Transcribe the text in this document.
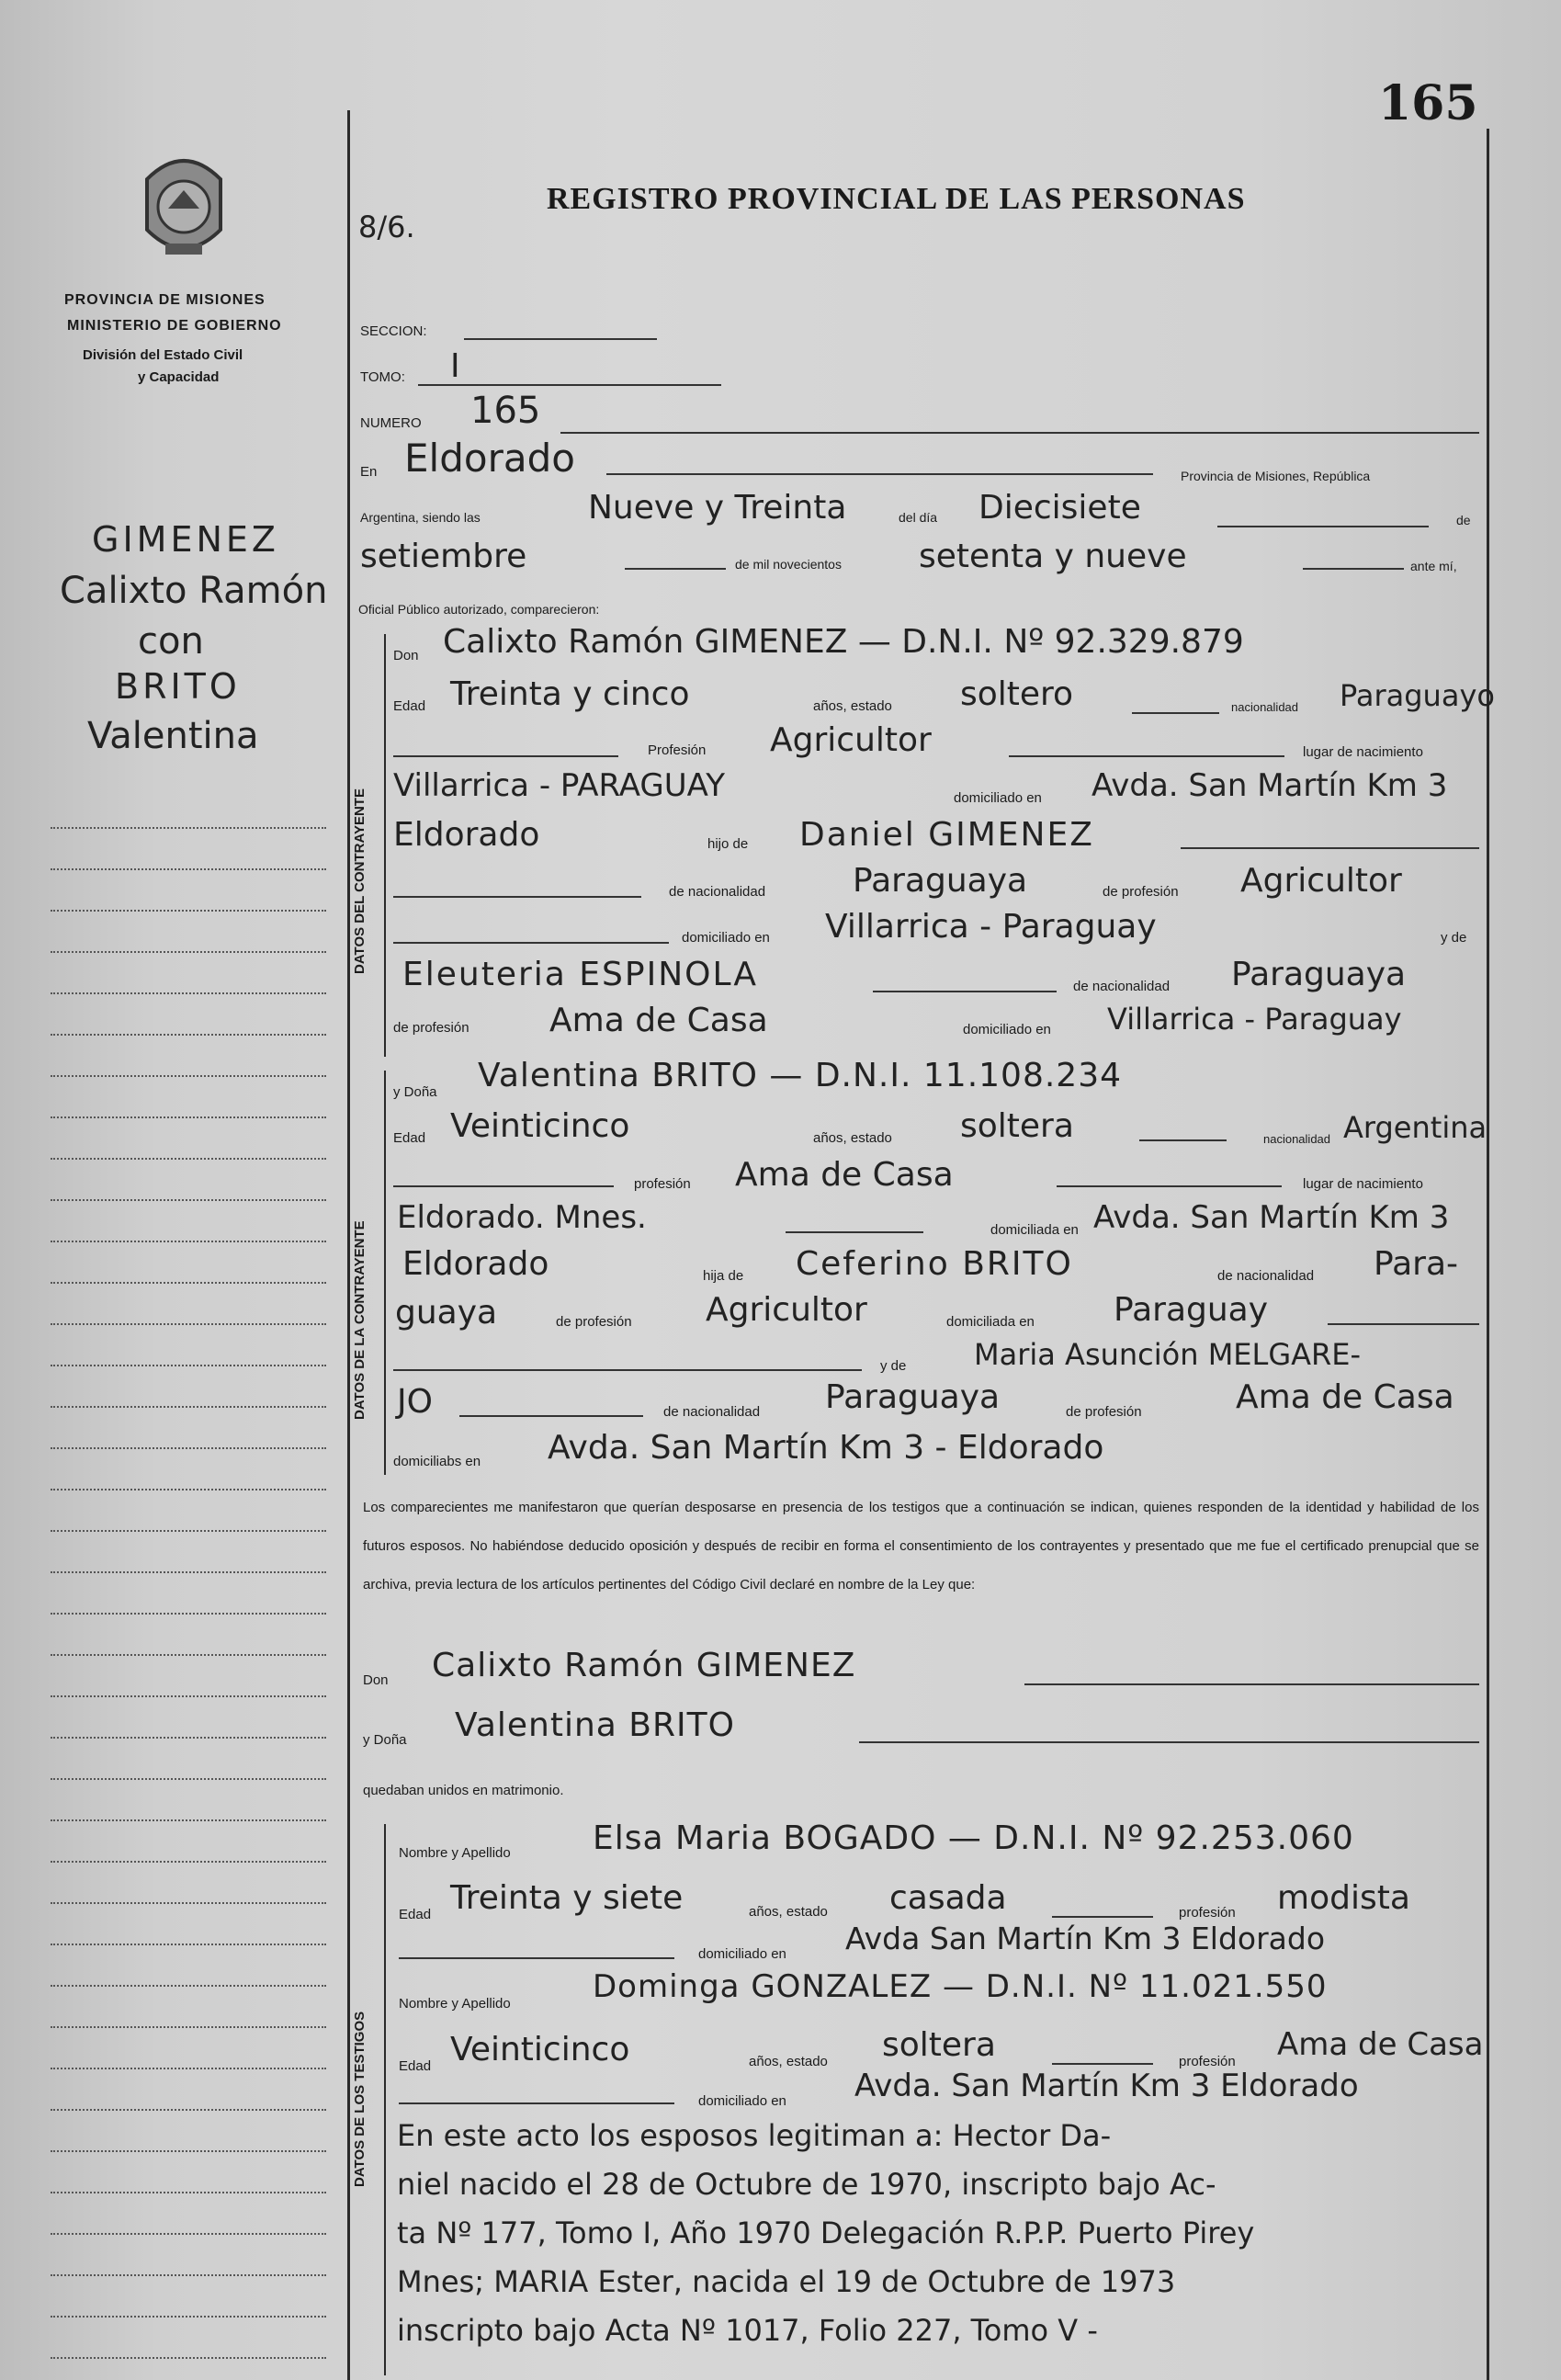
165
PROVINCIA DE MISIONES
MINISTERIO DE GOBIERNO
División del Estado Civil
y Capacidad
REGISTRO PROVINCIAL DE LAS PERSONAS
8/6.
GIMENEZ
Calixto Ramón
con
BRITO
Valentina
SECCION:
TOMO: I
NUMERO 165
En Eldorado	Provincia de Misiones, República
Argentina, siendo las	Nueve y Treinta	del día Diecisiete	de
setiembre	de mil novecientos setenta y nueve	ante mí,
Oficial Público autorizado, comparecieron:
DATOS DEL CONTRAYENTE
Don Calixto Ramón GIMENEZ — D.N.I. Nº 92.329.879
Edad Treinta y cinco	años, estado soltero	nacionalidad Paraguayo
Profesión Agricultor	lugar de nacimiento
Villarrica - PARAGUAY	domiciliado en Avda. San Martín Km 3
Eldorado	hijo de Daniel GIMENEZ
de nacionalidad	Paraguaya	de profesión Agricultor
domiciliado en Villarrica - Paraguay	y de
Eleuteria ESPINOLA	de nacionalidad Paraguaya
de profesión Ama de Casa	domiciliado en Villarrica - Paraguay
DATOS DE LA CONTRAYENTE
y Doña Valentina BRITO — D.N.I. 11.108.234
Edad Veinticinco	años, estado soltera	nacionalidad Argentina
profesión Ama de Casa	lugar de nacimiento
Eldorado. Mnes.	domiciliada en Avda. San Martín Km 3
Eldorado	hija de Ceferino BRITO	de nacionalidad Para-
guaya	de profesión Agricultor	domiciliada en Paraguay
y de Maria Asunción MELGARE-
JO	de nacionalidad Paraguaya	de profesión	Ama de Casa
domiciliabs en Avda. San Martín Km 3 - Eldorado
Los comparecientes me manifestaron que querían desposarse en presencia de los testigos que a continuación se indican, quienes responden de la identidad y habilidad de los futuros esposos. No habiéndose deducido oposición y después de recibir en forma el consentimiento de los contrayentes y presentado que me fue el certificado prenupcial que se archiva, previa lectura de los artículos pertinentes del Código Civil declaré en nombre de la Ley que:
Don Calixto Ramón GIMENEZ
y Doña Valentina BRITO
quedaban unidos en matrimonio.
DATOS DE LOS TESTIGOS
Nombre y Apellido Elsa Maria BOGADO — D.N.I. Nº 92.253.060
Edad Treinta y siete	años, estado casada	profesión modista
domiciliado en Avda San Martín Km 3 Eldorado
Nombre y Apellido	Dominga GONZALEZ — D.N.I. Nº 11.021.550
Edad Veinticinco	años, estado soltera	profesión Ama de Casa
domiciliado en Avda. San Martín Km 3 Eldorado
En este acto los esposos legitiman a: Hector Da-
niel nacido el 28 de Octubre de 1970, inscripto bajo Ac-
ta Nº 177, Tomo I, Año 1970 Delegación R.P.P. Puerto Pirey
Mnes; MARIA Ester, nacida el 19 de Octubre de 1973
inscripto bajo Acta Nº 1017, Folio 227, Tomo V -
